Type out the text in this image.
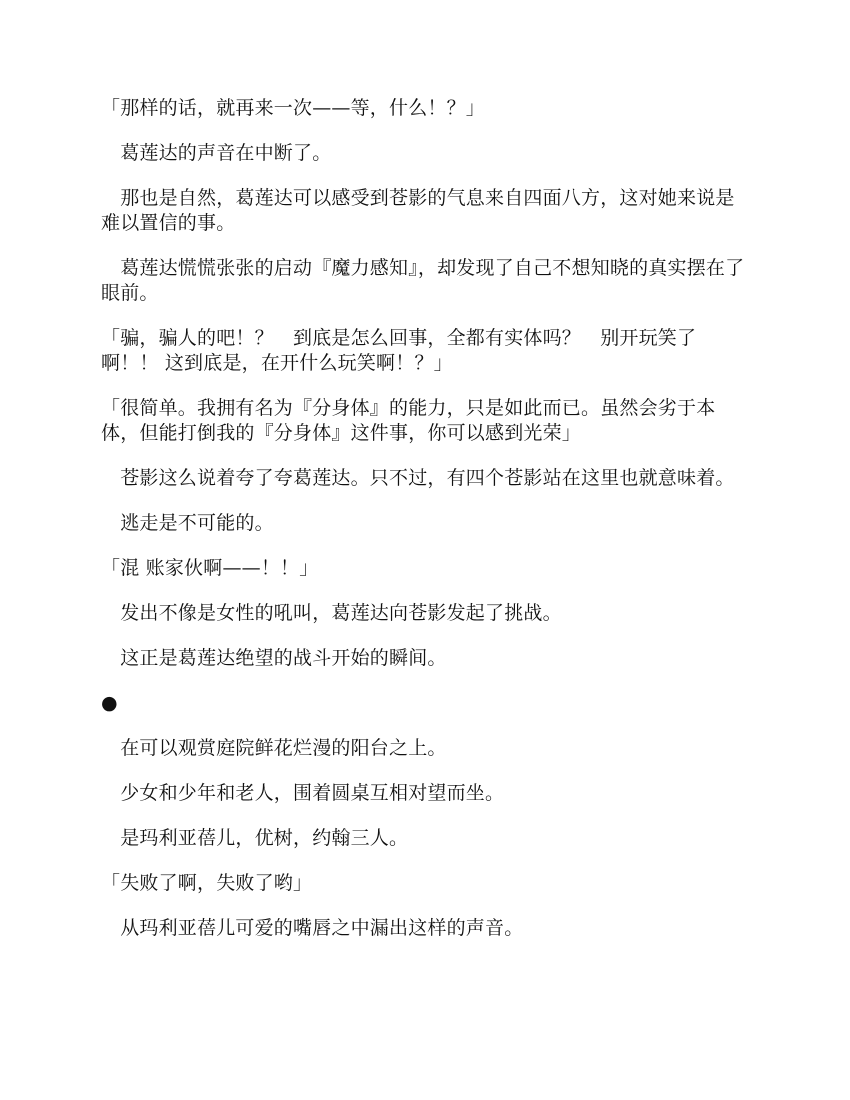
「那样的话，就再来一次——等，什么！？」

　葛莲达的声音在中断了。

　那也是自然，葛莲达可以感受到苍影的气息来自四面八方，这对她来说是难以置信的事。

　葛莲达慌慌张张的启动『魔力感知』，却发现了自己不想知晓的真实摆在了眼前。

「骗，骗人的吧！？　到底是怎么回事，全都有实体吗？　别开玩笑了啊！！ 这到底是，在开什么玩笑啊！？」

「很简单。我拥有名为『分身体』的能力，只是如此而已。虽然会劣于本体，但能打倒我的『分身体』这件事，你可以感到光荣」

　苍影这么说着夸了夸葛莲达。只不过，有四个苍影站在这里也就意味着。

　逃走是不可能的。

「混 账家伙啊——！！」

　发出不像是女性的吼叫，葛莲达向苍影发起了挑战。

　这正是葛莲达绝望的战斗开始的瞬间。

●

　在可以观赏庭院鲜花烂漫的阳台之上。

　少女和少年和老人，围着圆桌互相对望而坐。

　是玛利亚蓓儿，优树，约翰三人。

「失败了啊，失败了哟」

　从玛利亚蓓儿可爱的嘴唇之中漏出这样的声音。
